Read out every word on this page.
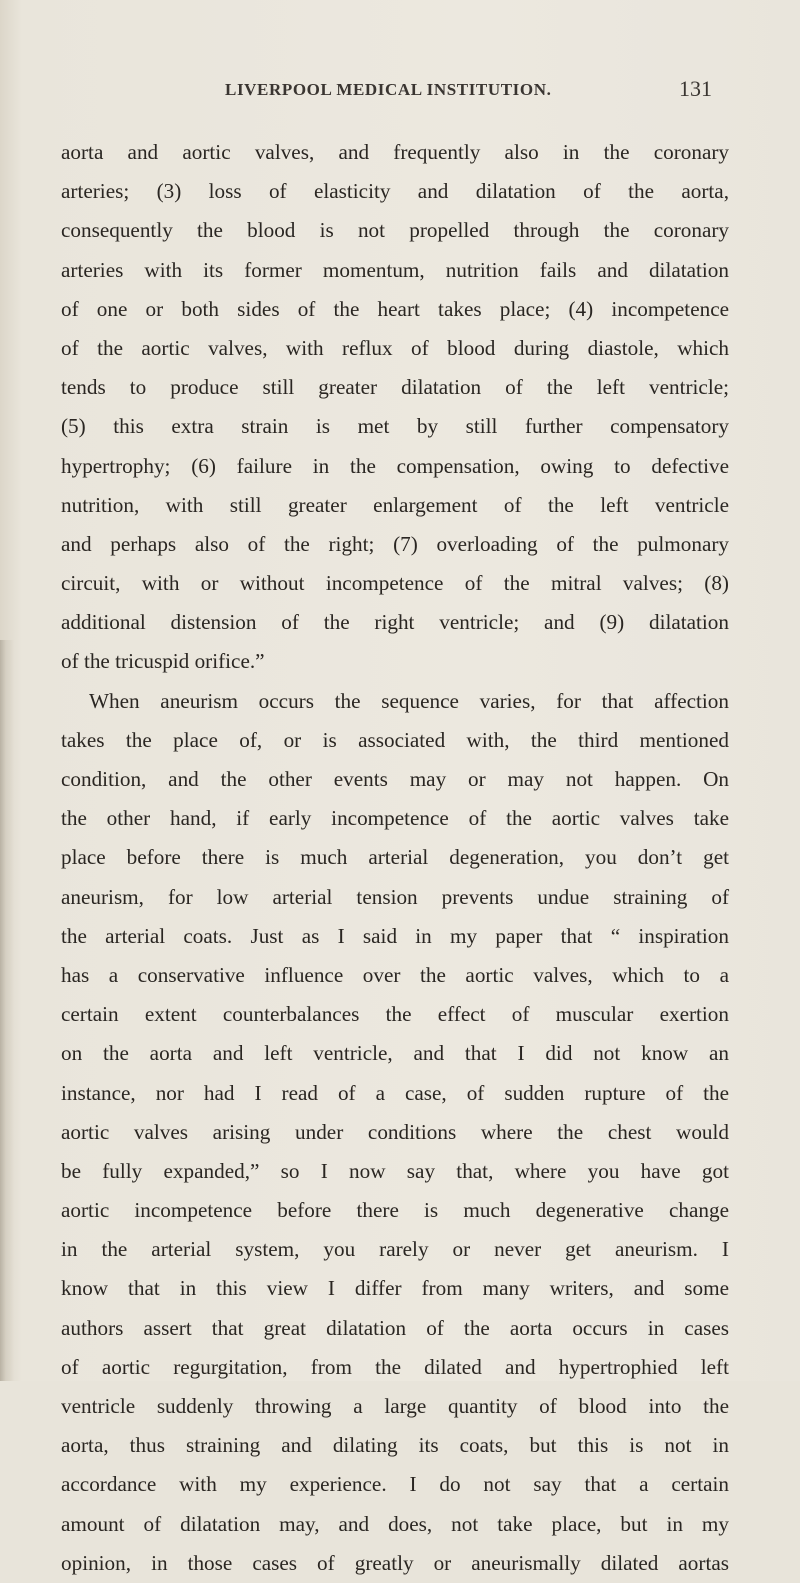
LIVERPOOL MEDICAL INSTITUTION.	131
aorta and aortic valves, and frequently also in the coronary
arteries; (3) loss of elasticity and dilatation of the aorta,
consequently the blood is not propelled through the coronary
arteries with its former momentum, nutrition fails and dilatation
of one or both sides of the heart takes place; (4) incompetence
of the aortic valves, with reflux of blood during diastole, which
tends to produce still greater dilatation of the left ventricle;
(5) this extra strain is met by still further compensatory
hypertrophy; (6) failure in the compensation, owing to defective
nutrition, with still greater enlargement of the left ventricle
and perhaps also of the right; (7) overloading of the pulmonary
circuit, with or without incompetence of the mitral valves; (8)
additional distension of the right ventricle; and (9) dilatation
of the tricuspid orifice.”
When aneurism occurs the sequence varies, for that affection
takes the place of, or is associated with, the third mentioned
condition, and the other events may or may not happen. On
the other hand, if early incompetence of the aortic valves take
place before there is much arterial degeneration, you don’t get
aneurism, for low arterial tension prevents undue straining of
the arterial coats. Just as I said in my paper that “ inspiration
has a conservative influence over the aortic valves, which to a
certain extent counterbalances the effect of muscular exertion
on the aorta and left ventricle, and that I did not know an
instance, nor had I read of a case, of sudden rupture of the
aortic valves arising under conditions where the chest would
be fully expanded,” so I now say that, where you have got
aortic incompetence before there is much degenerative change
in the arterial system, you rarely or never get aneurism. I
know that in this view I differ from many writers, and some
authors assert that great dilatation of the aorta occurs in cases
of aortic regurgitation, from the dilated and hypertrophied left
ventricle suddenly throwing a large quantity of blood into the
aorta, thus straining and dilating its coats, but this is not in
accordance with my experience. I do not say that a certain
amount of dilatation may, and does, not take place, but in my
opinion, in those cases of greatly or aneurismally dilated aortas
